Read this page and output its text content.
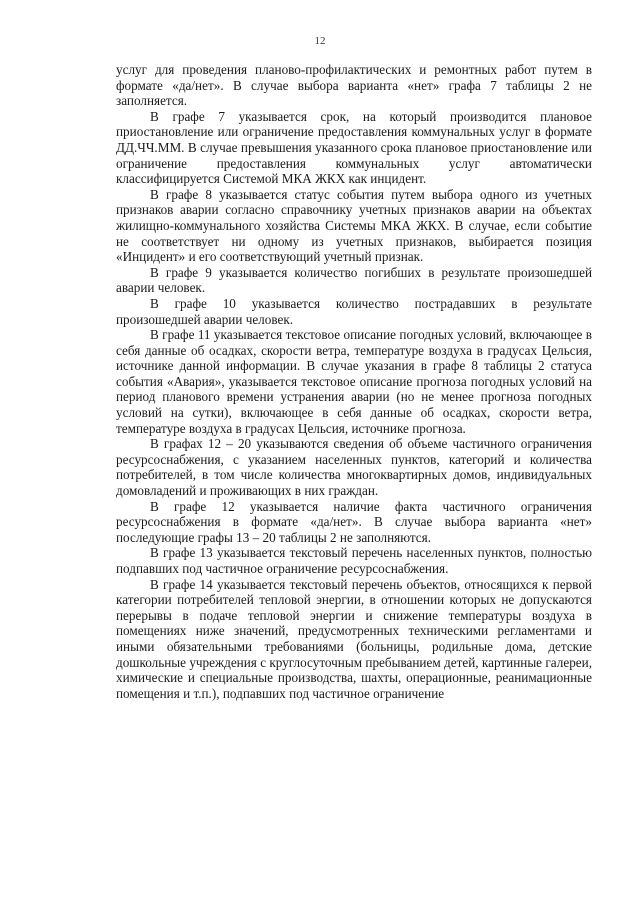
12

услуг для проведения планово-профилактических и ремонтных работ путем в формате «да/нет». В случае выбора варианта «нет» графа 7 таблицы 2 не заполняется.

В графе 7 указывается срок, на который производится плановое приостановление или ограничение предоставления коммунальных услуг в формате ДД.ЧЧ.ММ. В случае превышения указанного срока плановое приостановление или ограничение предоставления коммунальных услуг автоматически классифицируется Системой МКА ЖКХ как инцидент.

В графе 8 указывается статус события путем выбора одного из учетных признаков аварии согласно справочнику учетных признаков аварии на объектах жилищно-коммунального хозяйства Системы МКА ЖКХ. В случае, если событие не соответствует ни одному из учетных признаков, выбирается позиция «Инцидент» и его соответствующий учетный признак.

В графе 9 указывается количество погибших в результате произошедшей аварии человек.

В графе 10 указывается количество пострадавших в результате произошедшей аварии человек.

В графе 11 указывается текстовое описание погодных условий, включающее в себя данные об осадках, скорости ветра, температуре воздуха в градусах Цельсия, источнике данной информации. В случае указания в графе 8 таблицы 2 статуса события «Авария», указывается текстовое описание прогноза погодных условий на период планового времени устранения аварии (но не менее прогноза погодных условий на сутки), включающее в себя данные об осадках, скорости ветра, температуре воздуха в градусах Цельсия, источнике прогноза.

В графах 12 – 20 указываются сведения об объеме частичного ограничения ресурсоснабжения, с указанием населенных пунктов, категорий и количества потребителей, в том числе количества многоквартирных домов, индивидуальных домовладений и проживающих в них граждан.

В графе 12 указывается наличие факта частичного ограничения ресурсоснабжения в формате «да/нет». В случае выбора варианта «нет» последующие графы 13 – 20 таблицы 2 не заполняются.

В графе 13 указывается текстовый перечень населенных пунктов, полностью подпавших под частичное ограничение ресурсоснабжения.

В графе 14 указывается текстовый перечень объектов, относящихся к первой категории потребителей тепловой энергии, в отношении которых не допускаются перерывы в подаче тепловой энергии и снижение температуры воздуха в помещениях ниже значений, предусмотренных техническими регламентами и иными обязательными требованиями (больницы, родильные дома, детские дошкольные учреждения с круглосуточным пребыванием детей, картинные галереи, химические и специальные производства, шахты, операционные, реанимационные помещения и т.п.), подпавших под частичное ограничение
